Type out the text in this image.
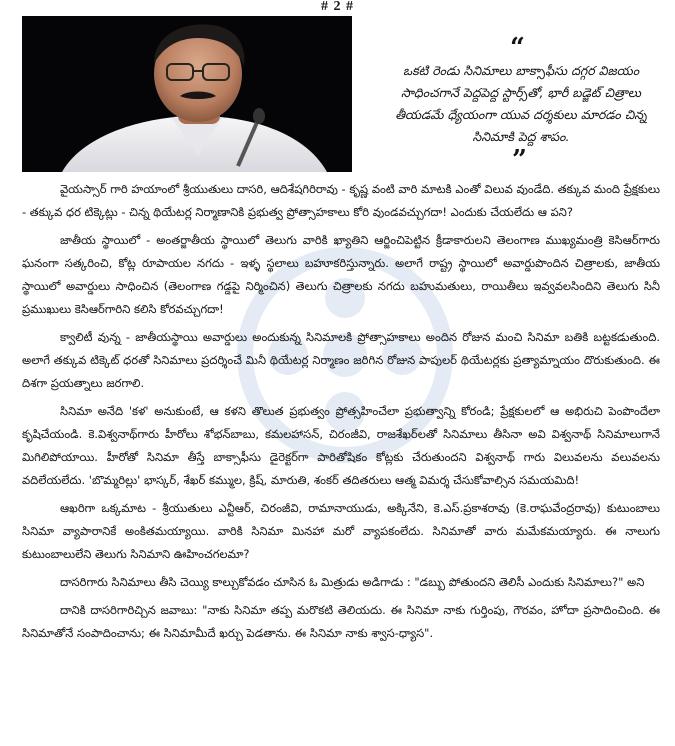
# 2 #
“
ఒకటి రెండు సినిమాలు బాక్సాఫీసు దగ్గర విజయం సాధించగానే పెద్దపెద్ద స్టార్స్‌తో, భారీ బడ్జెట్ చిత్రాలు తీయడమే ధ్యేయంగా యువ దర్శకులు మారడం చిన్న సినిమాకి పెద్ద శాపం.
”

వైయస్సార్ గారి హయాంలో శ్రీయుతులు దాసరి, ఆదిశేషగిరిరావు - కృష్ణ వంటి వారి మాటకి ఎంతో విలువ వుండేది. తక్కువ మంది ప్రేక్షకులు - తక్కువ ధర టిక్కెట్లు - చిన్న థియేటర్ల నిర్మాణానికి ప్రభుత్వ ప్రోత్సాహకాలు కోరి వుండవచ్చుగదా! ఎందుకు చేయలేదు ఆ పని?

జాతీయ స్థాయిలో - అంతర్జాతీయ స్థాయిలో తెలుగు వారికి ఖ్యాతిని ఆర్జించిపెట్టిన క్రీడాకారులని తెలంగాణ ముఖ్యమంత్రి కెసిఆర్‌గారు ఘనంగా సత్కరించి, కోట్ల రూపాయల నగదు - ఇళ్ళ స్థలాలు బహూకరిస్తున్నారు. అలాగే రాష్ట్ర స్థాయిలో అవార్డుపొందిన చిత్రాలకు, జాతీయ స్థాయిలో అవార్డులు సాధించిన (తెలంగాణ గడ్డపై నిర్మించిన) తెలుగు చిత్రాలకు నగదు బహుమతులు, రాయితీలు ఇవ్వవలసిందిని తెలుగు సినీ ప్రముఖులు కెసిఆర్‌గారిని కలిసి కోరవచ్చుగదా!

క్వాలిటీ వున్న - జాతీయస్థాయి అవార్డులు అందుకున్న సినిమాలకి ప్రోత్సాహకాలు అందిన రోజున మంచి సినిమా బతికి బట్టకడుతుంది. అలాగే తక్కువ టిక్కెట్ ధరతో సినిమాలు ప్రదర్శించే మినీ థియేటర్ల నిర్మాణం జరిగిన రోజున పాపులర్ థియేటర్లకు ప్రత్యామ్నాయం దొరుకుతుంది. ఈ దిశగా ప్రయత్నాలు జరగాలి.

సినిమా అనేది 'కళ' అనుకుంటే, ఆ కళని తొలుత ప్రభుత్వం ప్రోత్సహించేలా ప్రభుత్వాన్ని కోరండి; ప్రేక్షకులలో ఆ అభిరుచి పెంపొందేలా కృషిచేయండి. కె.విశ్వనాథ్‌గారు హీరోలు శోభన్‌బాబు, కమలహాసన్, చిరంజీవి, రాజశేఖర్‌లతో సినిమాలు తీసినా అవి విశ్వనాథ్ సినిమాలుగానే మిగిలిపోయాయి. హీరోతో సినిమా తీస్తే బాక్సాఫీసు డైరెక్టర్‌గా పారితోషికం కోట్లకు చేరుతుందని విశ్వనాథ్ గారు విలువలను వలువలను వదిలేయలేదు. 'బొమ్మరిల్లు' భాస్కర్, శేఖర్ కమ్ముల, క్రిష్, మారుతి, శంకర్ తదితరులు ఆత్మ విమర్శ చేసుకోవాల్సిన సమయమిది!

ఆఖరిగా ఒక్కమాట - శ్రీయుతులు ఎన్టీఆర్, చిరంజీవి, రామానాయుడు, అక్కినేని, కె.ఎస్.ప్రకాశరావు (కె.రాఘవేంద్రరావు) కుటుంబాలు సినిమా వ్యాపారానికే అంకితమయ్యాయి. వారికి సినిమా మినహా మరో వ్యాపకంలేదు. సినిమాతో వారు మమేకమయ్యారు. ఈ నాలుగు కుటుంబాలులేని తెలుగు సినిమాని ఊహించగలమా?

దాసరిగారు సినిమాలు తీసి చెయ్యి కాల్చుకోవడం చూసిన ఓ మిత్రుడు అడిగాడు : "డబ్బు పోతుందని తెలిసీ ఎందుకు సినిమాలు?" అని

దానికి దాసరిగారిచ్చిన జవాబు: "నాకు సినిమా తప్ప మరొకటి తెలియదు. ఈ సినిమా నాకు గుర్తింపు, గౌరవం, హోదా ప్రసాదించింది. ఈ సినిమాతోనే సంపాదించాను; ఈ సినిమామీదే ఖర్చు పెడతాను. ఈ సినిమా నాకు శ్వాస-ధ్యాస".
